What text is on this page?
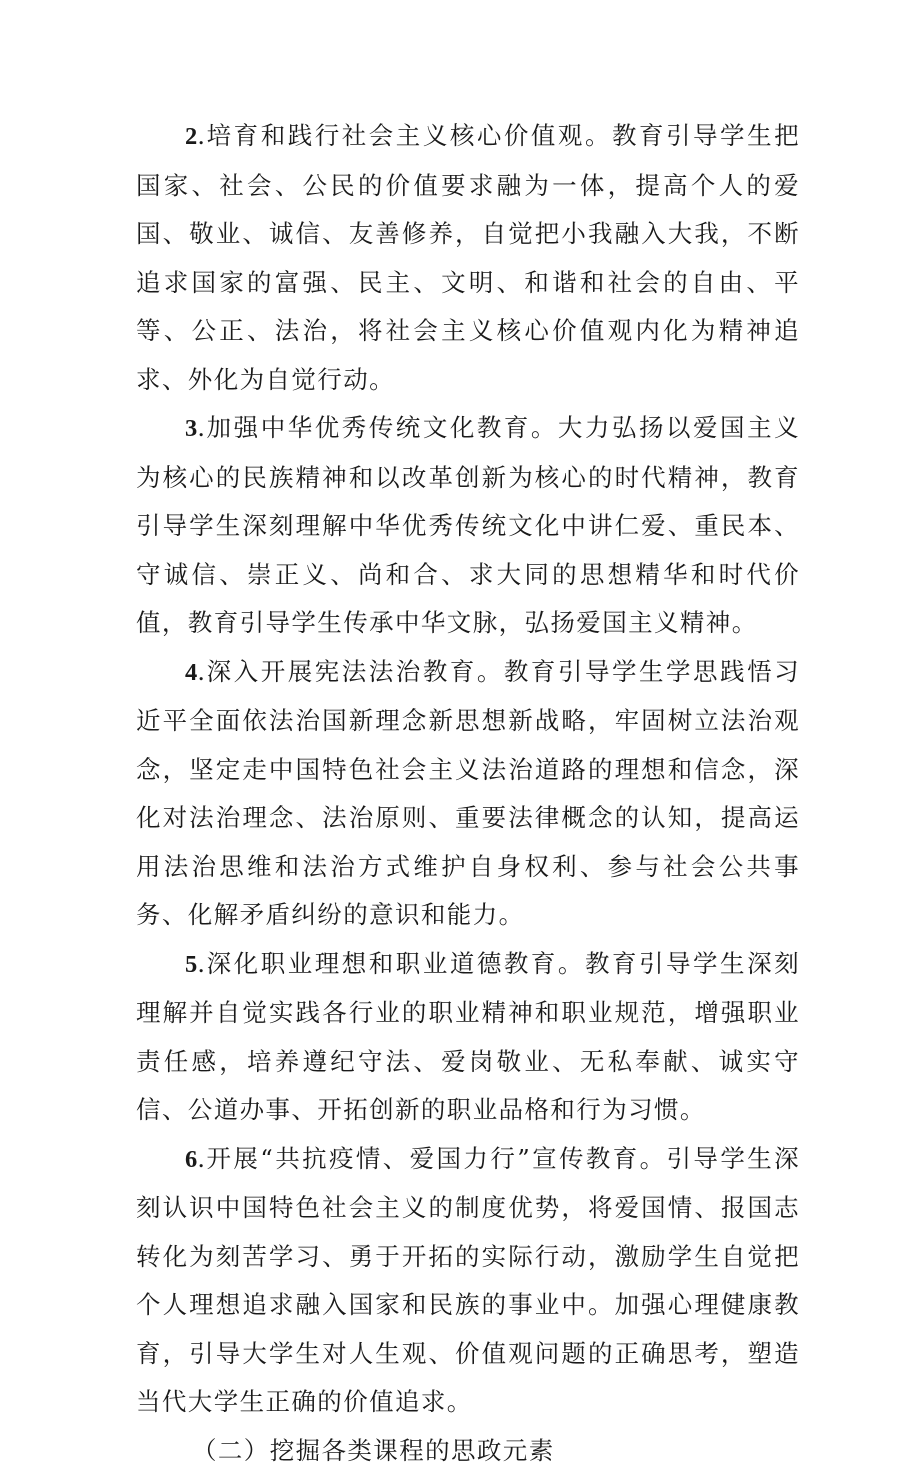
2.培育和践行社会主义核心价值观。教育引导学生把国家、社会、公民的价值要求融为一体，提高个人的爱国、敬业、诚信、友善修养，自觉把小我融入大我，不断追求国家的富强、民主、文明、和谐和社会的自由、平等、公正、法治，将社会主义核心价值观内化为精神追求、外化为自觉行动。

3.加强中华优秀传统文化教育。大力弘扬以爱国主义为核心的民族精神和以改革创新为核心的时代精神，教育引导学生深刻理解中华优秀传统文化中讲仁爱、重民本、守诚信、崇正义、尚和合、求大同的思想精华和时代价值，教育引导学生传承中华文脉，弘扬爱国主义精神。

4.深入开展宪法法治教育。教育引导学生学思践悟习近平全面依法治国新理念新思想新战略，牢固树立法治观念，坚定走中国特色社会主义法治道路的理想和信念，深化对法治理念、法治原则、重要法律概念的认知，提高运用法治思维和法治方式维护自身权利、参与社会公共事务、化解矛盾纠纷的意识和能力。

5.深化职业理想和职业道德教育。教育引导学生深刻理解并自觉实践各行业的职业精神和职业规范，增强职业责任感，培养遵纪守法、爱岗敬业、无私奉献、诚实守信、公道办事、开拓创新的职业品格和行为习惯。

6.开展“共抗疫情、爱国力行”宣传教育。引导学生深刻认识中国特色社会主义的制度优势，将爱国情、报国志转化为刻苦学习、勇于开拓的实际行动，激励学生自觉把个人理想追求融入国家和民族的事业中。加强心理健康教育，引导大学生对人生观、价值观问题的正确思考，塑造当代大学生正确的价值追求。

（二）挖掘各类课程的思政元素
